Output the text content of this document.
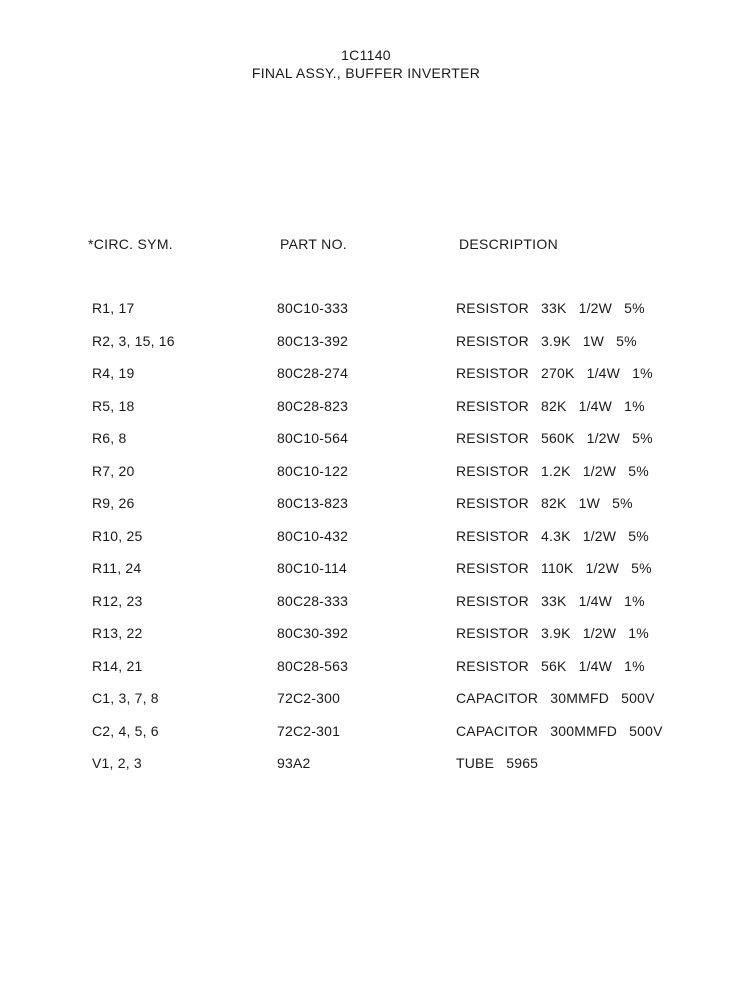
1C1140
FINAL ASSY., BUFFER INVERTER
*CIRC. SYM.	PART NO.	DESCRIPTION
R1, 17	80C10-333	RESISTOR 33K 1/2W 5%
R2, 3, 15, 16	80C13-392	RESISTOR 3.9K 1W 5%
R4, 19	80C28-274	RESISTOR 270K 1/4W 1%
R5, 18	80C28-823	RESISTOR 82K 1/4W 1%
R6, 8	80C10-564	RESISTOR 560K 1/2W 5%
R7, 20	80C10-122	RESISTOR 1.2K 1/2W 5%
R9, 26	80C13-823	RESISTOR 82K 1W 5%
R10, 25	80C10-432	RESISTOR 4.3K 1/2W 5%
R11, 24	80C10-114	RESISTOR 110K 1/2W 5%
R12, 23	80C28-333	RESISTOR 33K 1/4W 1%
R13, 22	80C30-392	RESISTOR 3.9K 1/2W 1%
R14, 21	80C28-563	RESISTOR 56K 1/4W 1%
C1, 3, 7, 8	72C2-300	CAPACITOR 30MMFD 500V
C2, 4, 5, 6	72C2-301	CAPACITOR 300MMFD 500V
V1, 2, 3	93A2	TUBE 5965
